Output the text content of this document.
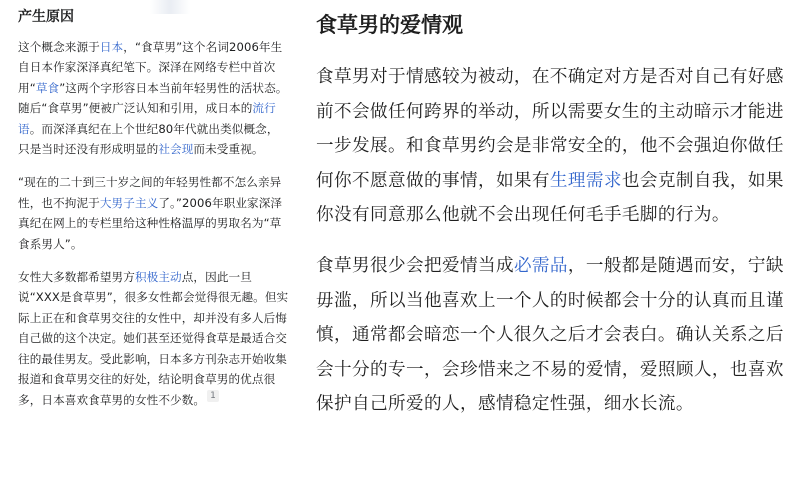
产生原因

这个概念来源于日本，“食草男”这个名词2006年生自日本作家深泽真纪笔下。深泽在网络专栏中首次用“草食”这两个字形容日本当前年轻男性的活状态。随后“食草男”便被广泛认知和引用，成日本的流行语。而深泽真纪在上个世纪80年代就出类似概念，只是当时还没有形成明显的社会现而未受重视。

“现在的二十到三十岁之间的年轻男性都不怎么亲异性，也不拘泥于大男子主义了。”2006年职业家深泽真纪在网上的专栏里给这种性格温厚的男取名为“草食系男人”。

女性大多数都希望男方积极主动点，因此一旦说“XXX是食草男”，很多女性都会觉得很无趣。但实际上正在和食草男交往的女性中，却并没有多人后悔自己做的这个决定。她们甚至还觉得食草是最适合交往的最佳男友。受此影响，日本多方刊杂志开始收集报道和食草男交往的好处，结论明食草男的优点很多，日本喜欢食草男的女性不少数。 1

食草男的爱情观

食草男对于情感较为被动，在不确定对方是否对自己有好感前不会做任何跨界的举动，所以需要女生的主动暗示才能进一步发展。和食草男约会是非常安全的，他不会强迫你做任何你不愿意做的事情，如果有生理需求也会克制自我，如果你没有同意那么他就不会出现任何毛手毛脚的行为。

食草男很少会把爱情当成必需品，一般都是随遇而安，宁缺毋滥，所以当他喜欢上一个人的时候都会十分的认真而且谨慎，通常都会暗恋一个人很久之后才会表白。确认关系之后会十分的专一，会珍惜来之不易的爱情，爱照顾人，也喜欢保护自己所爱的人，感情稳定性强，细水长流。
